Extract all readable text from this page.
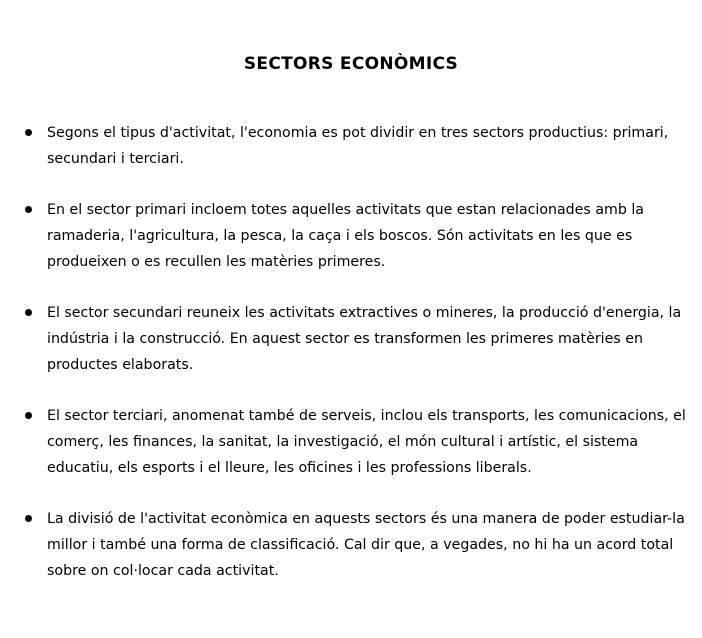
SECTORS ECONÒMICS
Segons el tipus d'activitat, l'economia es pot dividir en tres sectors productius: primari, secundari i terciari.
En el sector primari incloem totes aquelles activitats que estan relacionades amb la ramaderia, l'agricultura, la pesca, la caça i els boscos. Són activitats en les que es produeixen o es recullen les matèries primeres.
El sector secundari reuneix les activitats extractives o mineres, la producció d'energia, la indústria i la construcció. En aquest sector es transformen les primeres matèries en productes elaborats.
El sector terciari, anomenat també de serveis, inclou els transports, les comunicacions, el comerç, les finances, la sanitat, la investigació, el món cultural i artístic, el sistema educatiu, els esports i el lleure, les oficines i les professions liberals.
La divisió de l'activitat econòmica en aquests sectors és una manera de poder estudiar-la millor i també una forma de classificació. Cal dir que, a vegades, no hi ha un acord total sobre on col·locar cada activitat.
